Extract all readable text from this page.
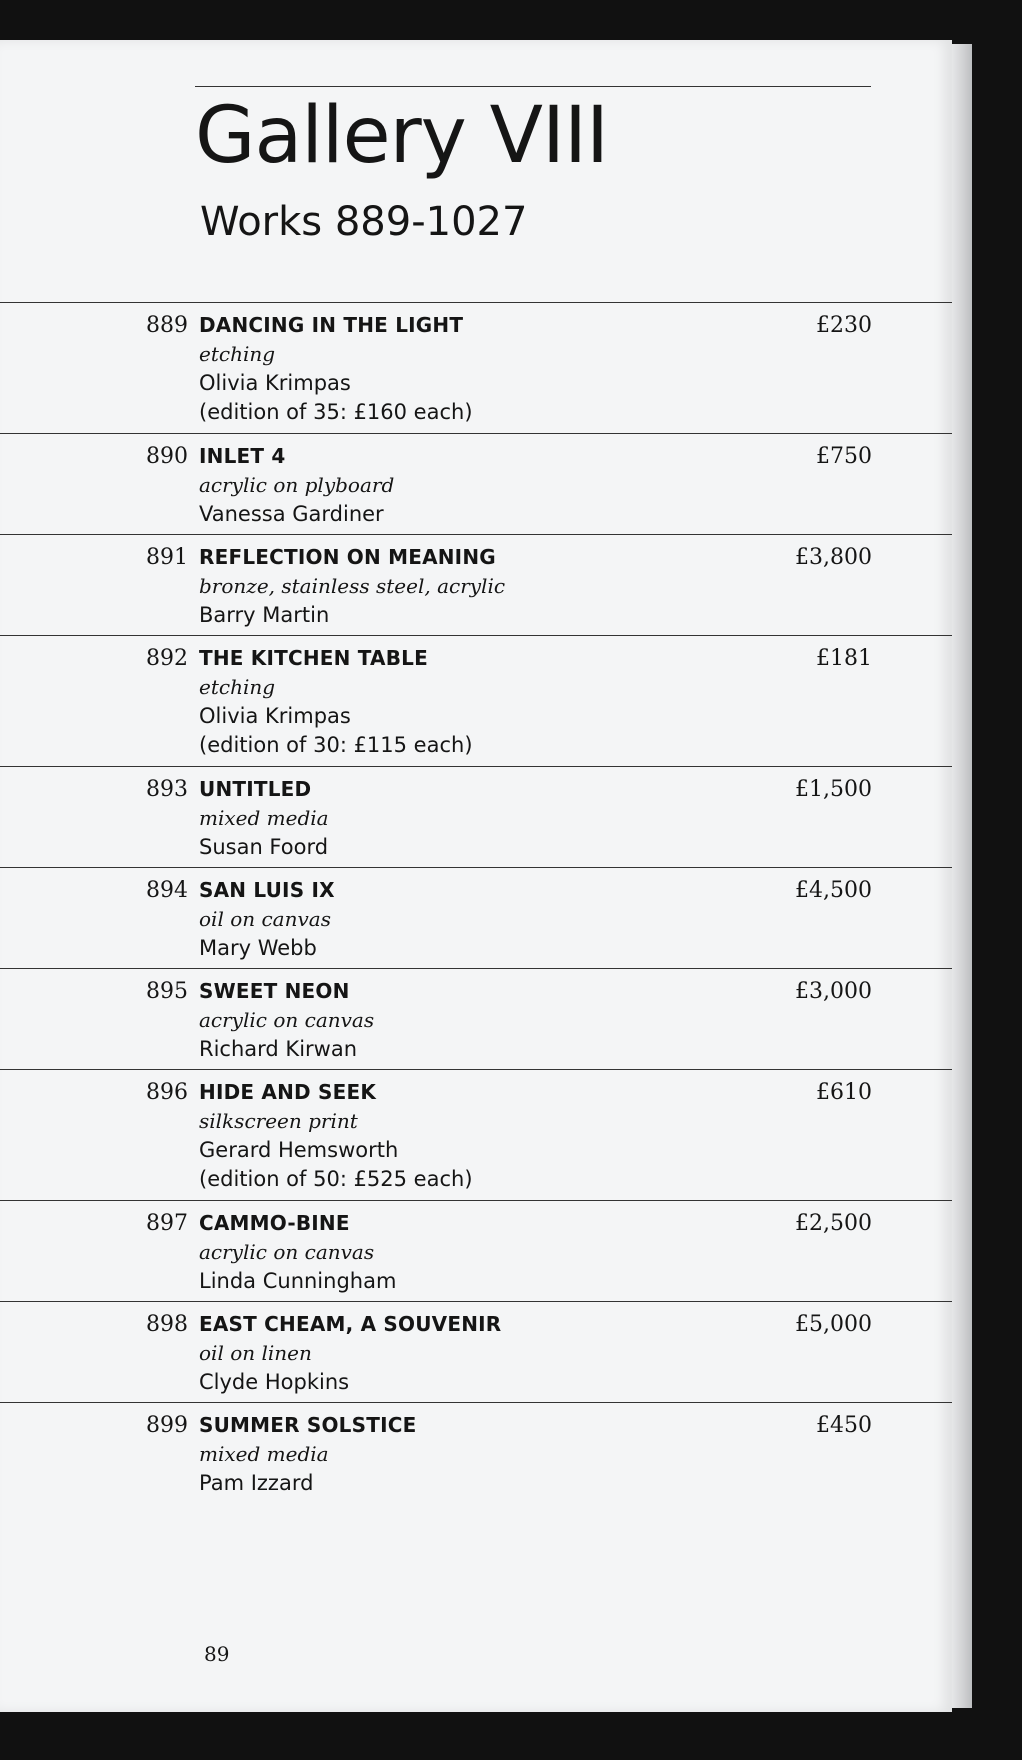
Gallery VIII
Works 889-1027
889 DANCING IN THE LIGHT
etching
Olivia Krimpas
(edition of 35: £160 each)
£230
890 INLET 4
acrylic on plyboard
Vanessa Gardiner
£750
891 REFLECTION ON MEANING
bronze, stainless steel, acrylic
Barry Martin
£3,800
892 THE KITCHEN TABLE
etching
Olivia Krimpas
(edition of 30: £115 each)
£181
893 UNTITLED
mixed media
Susan Foord
£1,500
894 SAN LUIS IX
oil on canvas
Mary Webb
£4,500
895 SWEET NEON
acrylic on canvas
Richard Kirwan
£3,000
896 HIDE AND SEEK
silkscreen print
Gerard Hemsworth
(edition of 50: £525 each)
£610
897 CAMMO-BINE
acrylic on canvas
Linda Cunningham
£2,500
898 EAST CHEAM, A SOUVENIR
oil on linen
Clyde Hopkins
£5,000
899 SUMMER SOLSTICE
mixed media
Pam Izzard
£450
89
